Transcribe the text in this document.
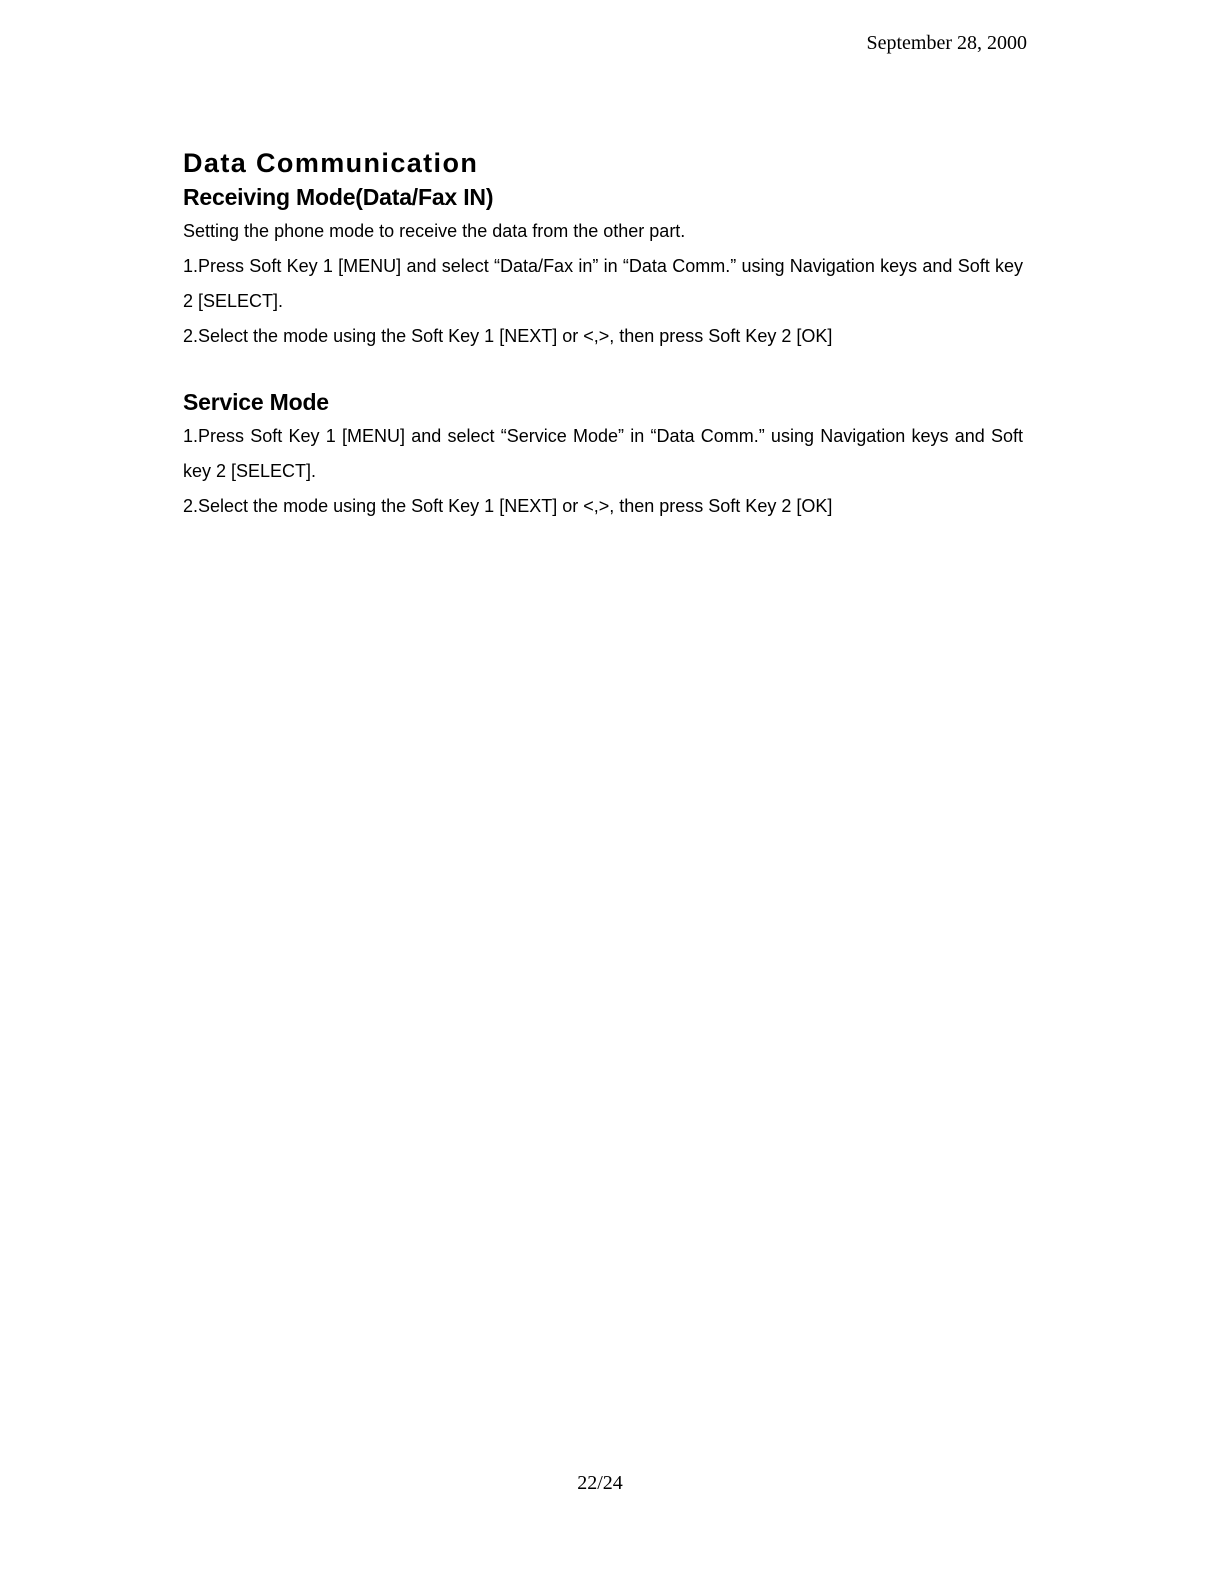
September 28, 2000
Data Communication
Receiving Mode(Data/Fax IN)

Setting the phone mode to receive the data from the other part.

1.Press Soft Key 1 [MENU] and select “Data/Fax in” in “Data Comm.” using Navigation keys and Soft key 2 [SELECT].

2.Select the mode using the Soft Key 1 [NEXT] or <,>, then press Soft Key 2 [OK]

Service Mode

1.Press Soft Key 1 [MENU] and select “Service Mode” in “Data Comm.” using Navigation keys and Soft key 2 [SELECT].

2.Select the mode using the Soft Key 1 [NEXT] or <,>, then press Soft Key 2 [OK]

22/24
